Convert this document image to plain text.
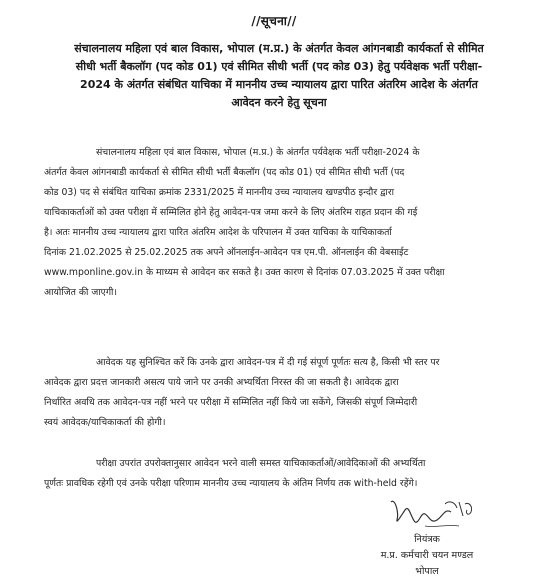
//सूचना//
संचालनालय महिला एवं बाल विकास, भोपाल (म.प्र.) के अंतर्गत केवल आंगनबाडी कार्यकर्ता से सीमित
सीधी भर्ती बैकलॉग (पद कोड 01) एवं सीमित सीधी भर्ती (पद कोड 03) हेतु पर्यवेक्षक भर्ती परीक्षा-
2024 के अंतर्गत संबंधित याचिका में माननीय उच्च न्यायालय द्वारा पारित अंतरिम आदेश के अंतर्गत
आवेदन करने हेतु सूचना
संचालनालय महिला एवं बाल विकास, भोपाल (म.प्र.) के अंतर्गत पर्यवेक्षक भर्ती परीक्षा-2024 के
अंतर्गत केवल आंगनबाडी कार्यकर्ता से सीमित सीधी भर्ती बैकलॉग (पद कोड 01) एवं सीमित सीधी भर्ती (पद
कोड 03) पद से संबंधित याचिका क्रमांक 2331/2025 में माननीय उच्च न्यायालय खण्डपीठ इन्दौर द्वारा
याचिकाकर्ताओं को उक्त परीक्षा में सम्मिलित होने हेतु आवेदन-पत्र जमा करने के लिए अंतरिम राहत प्रदान की गई
है। अतः माननीय उच्च न्यायालय द्वारा पारित अंतरिम आदेश के परिपालन में उक्त याचिका के याचिकाकर्ता
दिनांक 21.02.2025 से 25.02.2025 तक अपने ऑनलाईन-आवेदन पत्र एम.पी. ऑनलाईन की वेबसाईट
www.mponline.gov.in के माध्यम से आवेदन कर सकते है। उक्त कारण से दिनांक 07.03.2025 में उक्त परीक्षा
आयोजित की जाएगी।
आवेदक यह सुनिश्चित करें कि उनके द्वारा आवेदन-पत्र में दी गई संपूर्ण पूर्णतः सत्य है, किसी भी स्तर पर
आवेदक द्वारा प्रदत्त जानकारी असत्य पाये जाने पर उनकी अभ्यर्थिता निरस्त की जा सकती है। आवेदक द्वारा
निर्धारित अवधि तक आवेदन-पत्र नहीं भरने पर परीक्षा में सम्मिलित नहीं किये जा सकेंगे, जिसकी संपूर्ण जिम्मेदारी
स्वयं आवेदक/याचिकाकर्ता की होगी।
परीक्षा उपरांत उपरोक्तानुसार आवेदन भरने वाली समस्त याचिकाकर्ताओं/आवेदिकाओं की अभ्यर्थिता
पूर्णतः प्रावधिक रहेगी एवं उनके परीक्षा परिणाम माननीय उच्च न्यायालय के अंतिम निर्णय तक with-held रहेंगे।
नियंत्रक
म.प्र. कर्मचारी चयन मण्डल
भोपाल
